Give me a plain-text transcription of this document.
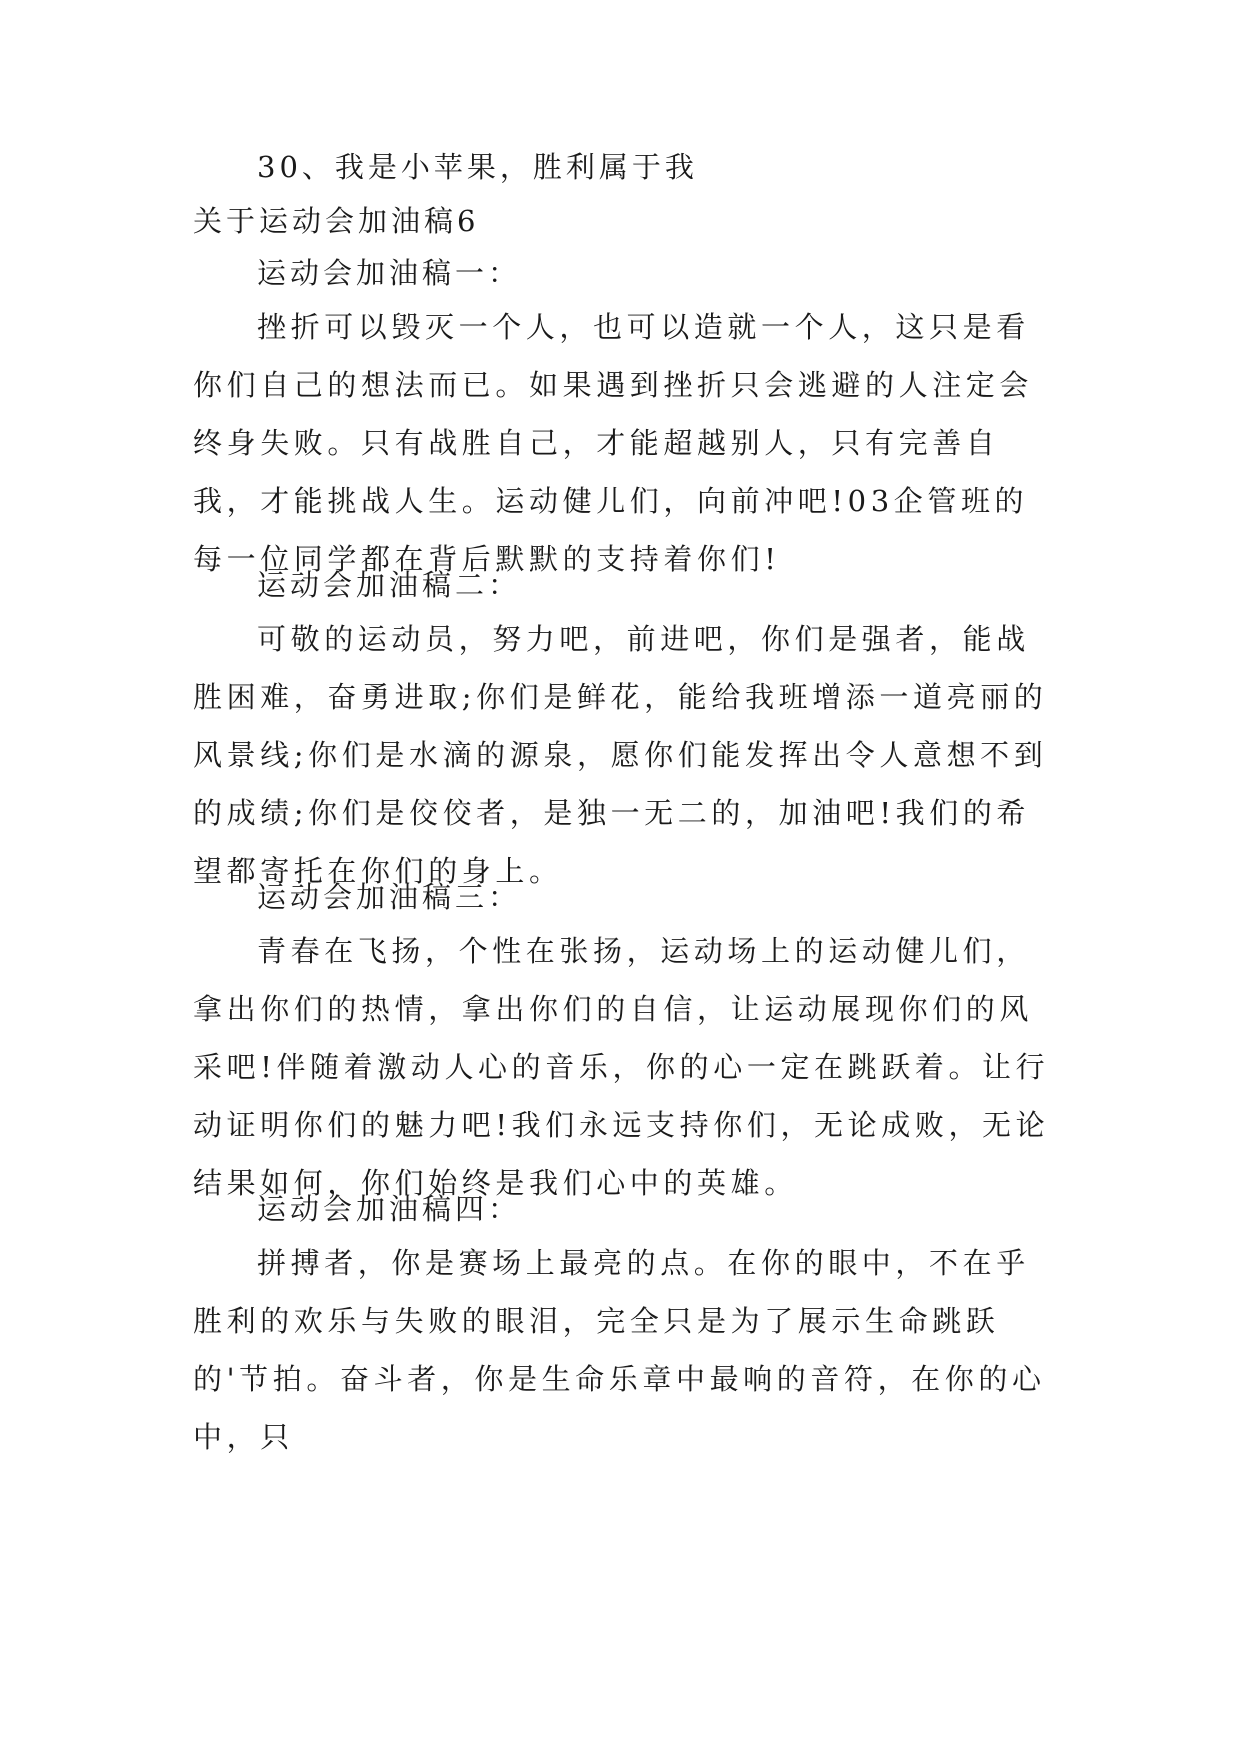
30、我是小苹果，胜利属于我
关于运动会加油稿6
运动会加油稿一：
挫折可以毁灭一个人，也可以造就一个人，这只是看你们自己的想法而已。如果遇到挫折只会逃避的人注定会终身失败。只有战胜自己，才能超越别人，只有完善自我，才能挑战人生。运动健儿们，向前冲吧!03企管班的每一位同学都在背后默默的支持着你们!
运动会加油稿二：
可敬的运动员，努力吧，前进吧，你们是强者，能战胜困难，奋勇进取;你们是鲜花，能给我班增添一道亮丽的风景线;你们是水滴的源泉，愿你们能发挥出令人意想不到的成绩;你们是佼佼者，是独一无二的，加油吧!我们的希望都寄托在你们的身上。
运动会加油稿三：
青春在飞扬，个性在张扬，运动场上的运动健儿们，拿出你们的热情，拿出你们的自信，让运动展现你们的风采吧!伴随着激动人心的音乐，你的心一定在跳跃着。让行动证明你们的魅力吧!我们永远支持你们，无论成败，无论结果如何，你们始终是我们心中的英雄。
运动会加油稿四：
拼搏者，你是赛场上最亮的点。在你的眼中，不在乎胜利的欢乐与失败的眼泪，完全只是为了展示生命跳跃的'节拍。奋斗者，你是生命乐章中最响的音符，在你的心中，只
